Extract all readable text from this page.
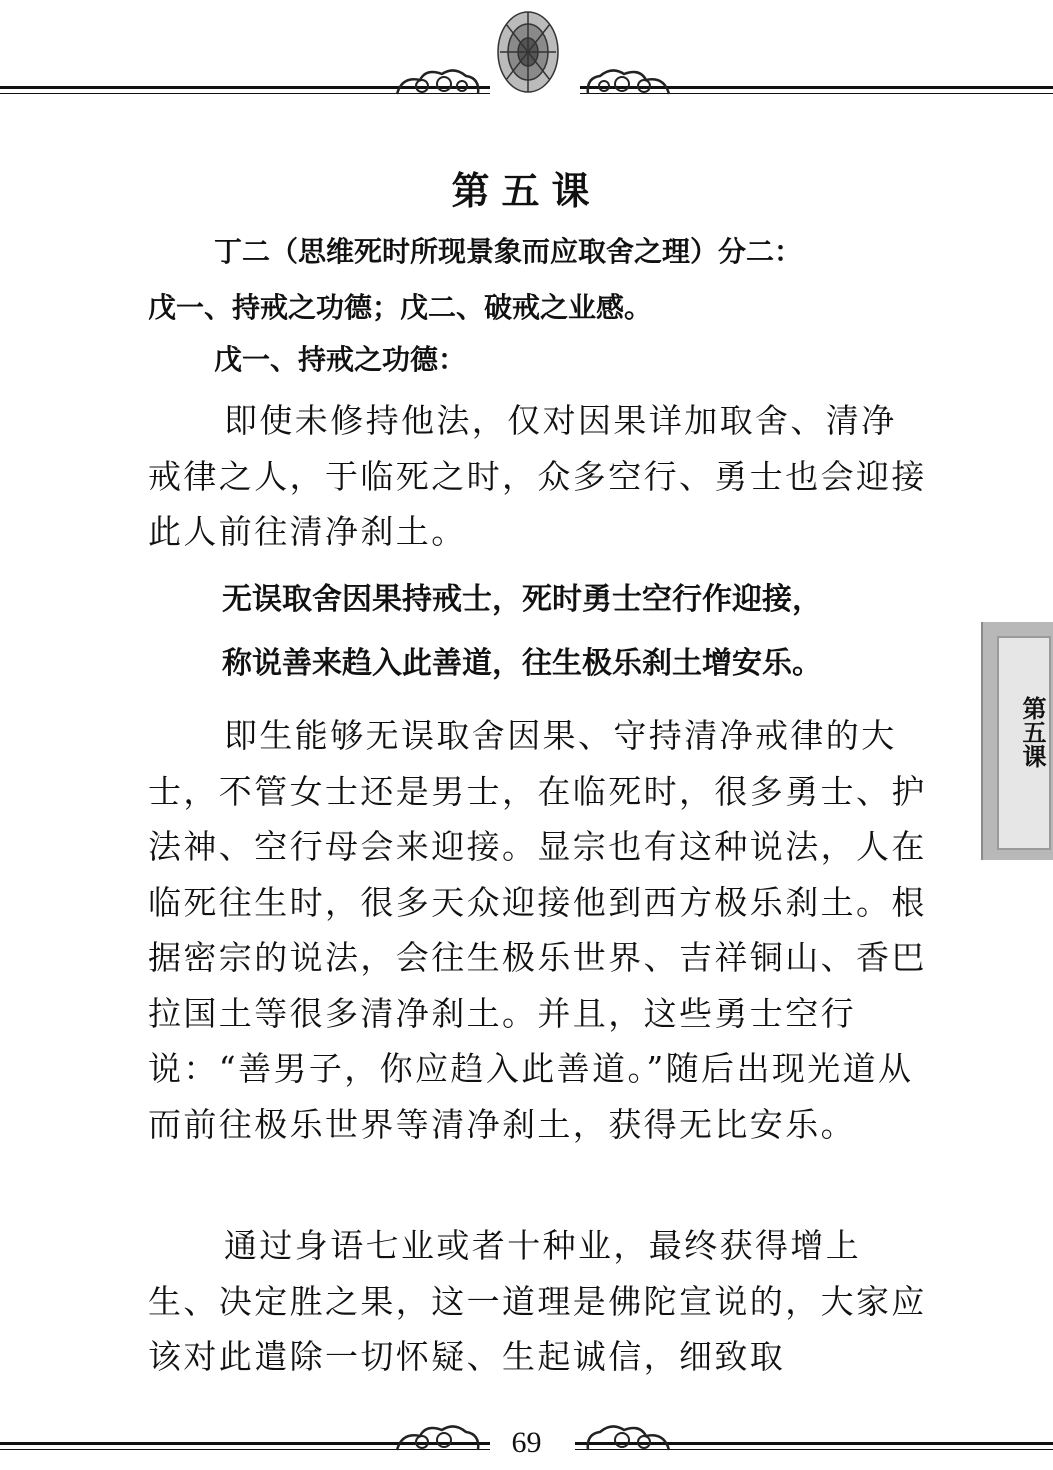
第五课
丁二（思维死时所现景象而应取舍之理）分二：
戊一、持戒之功德；戊二、破戒之业感。
戊一、持戒之功德：

即使未修持他法，仅对因果详加取舍、清净戒律之人，于临死之时，众多空行、勇士也会迎接此人前往清净刹土。

无误取舍因果持戒士，死时勇士空行作迎接，
称说善来趋入此善道，往生极乐刹土增安乐。

即生能够无误取舍因果、守持清净戒律的大士，不管女士还是男士，在临死时，很多勇士、护法神、空行母会来迎接。显宗也有这种说法，人在临死往生时，很多天众迎接他到西方极乐刹土。根据密宗的说法，会往生极乐世界、吉祥铜山、香巴拉国土等很多清净刹土。并且，这些勇士空行说：“善男子，你应趋入此善道。”随后出现光道从而前往极乐世界等清净刹土，获得无比安乐。

通过身语七业或者十种业，最终获得增上生、决定胜之果，这一道理是佛陀宣说的，大家应该对此遣除一切怀疑、生起诚信，细致取

第五课
69
